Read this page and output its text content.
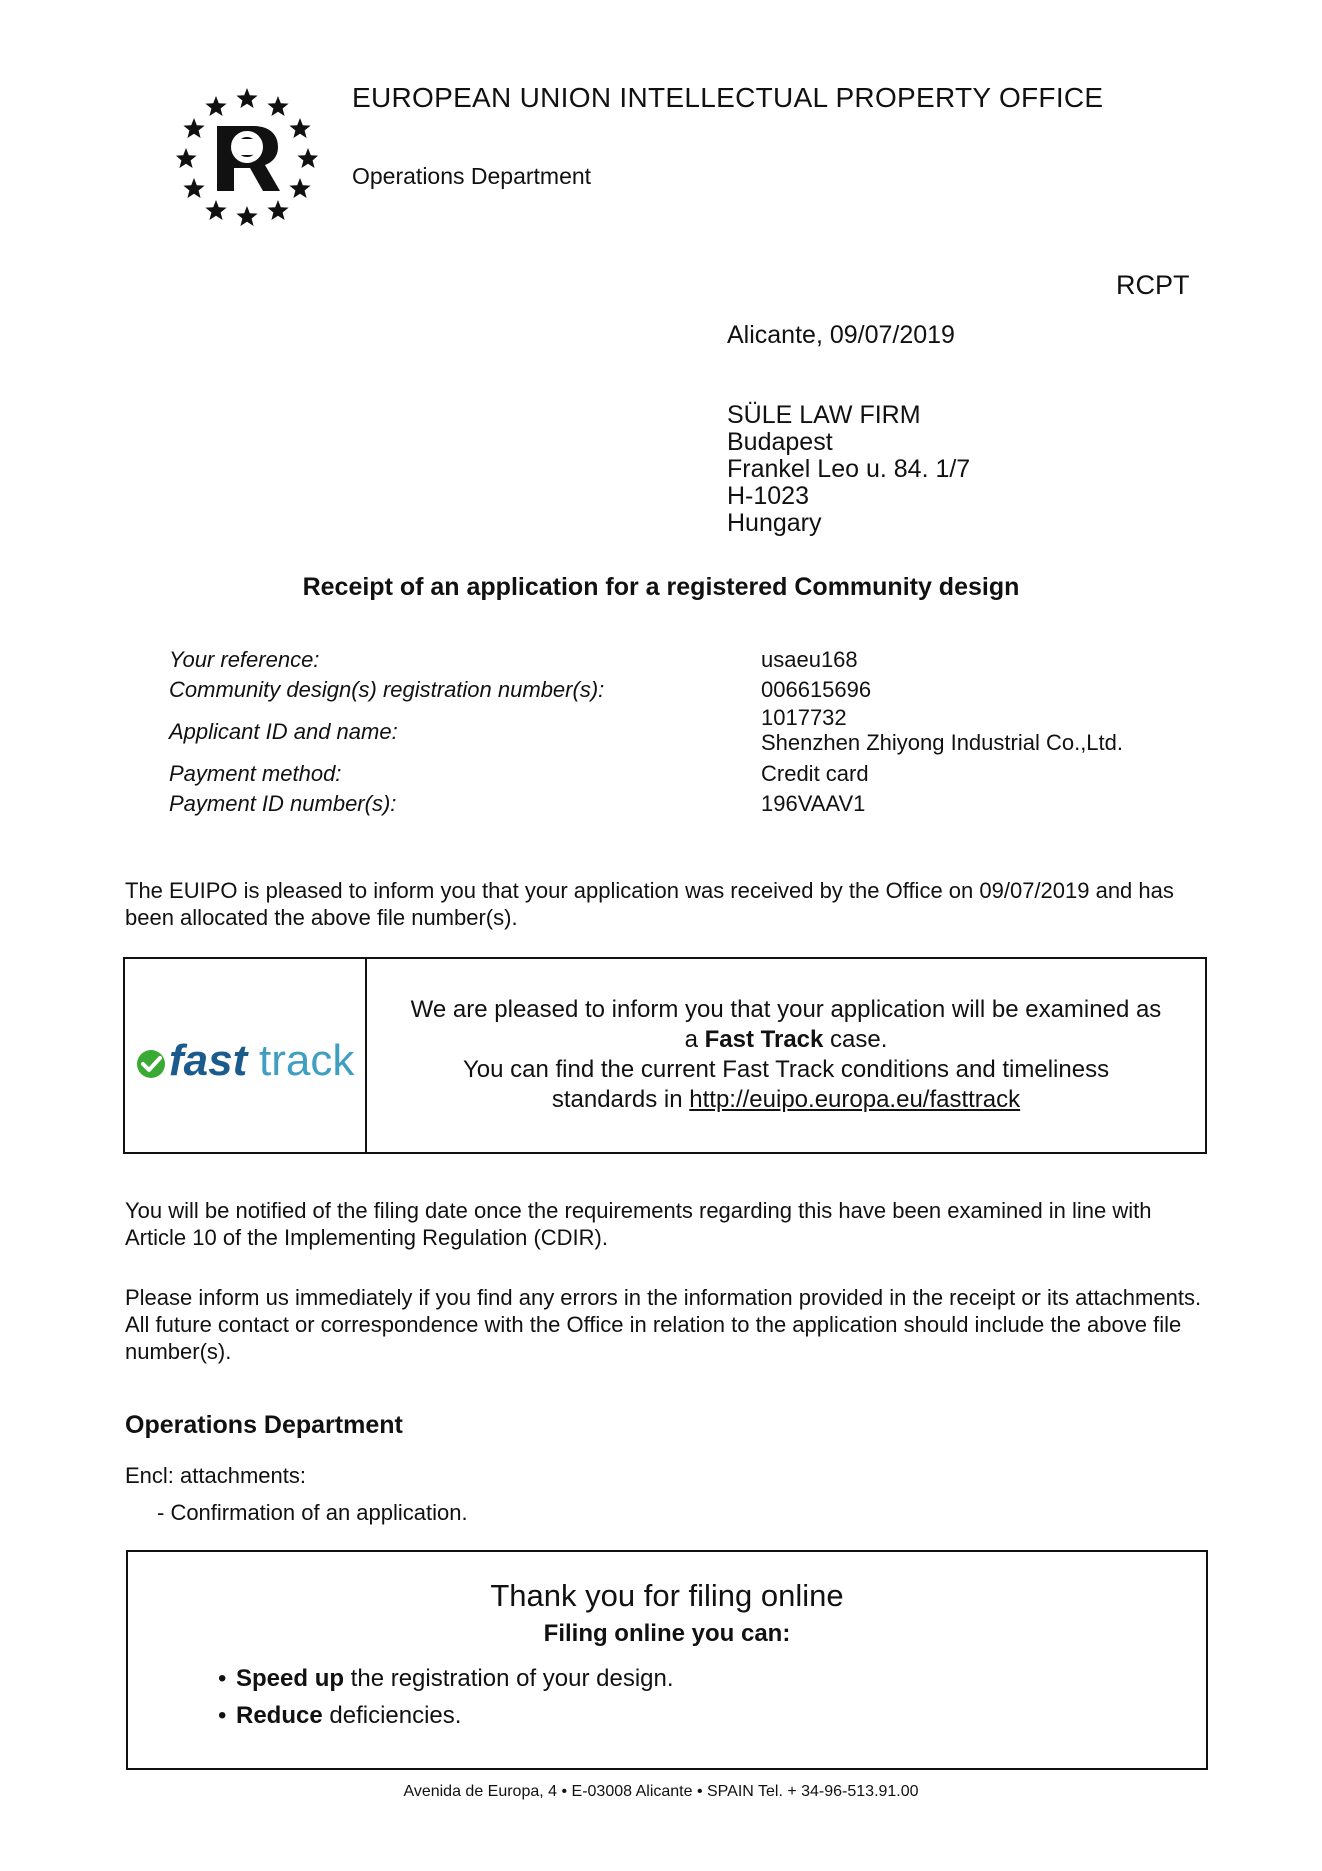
EUROPEAN UNION INTELLECTUAL PROPERTY OFFICE
Operations Department
RCPT
Alicante, 09/07/2019
SÜLE LAW FIRM
Budapest
Frankel Leo u. 84. 1/7
H-1023
Hungary
Receipt of an application for a registered Community design
Your reference:
Community design(s) registration number(s):
Applicant ID and name:
Payment method:
Payment ID number(s):
usaeu168
006615696
1017732
Shenzhen Zhiyong Industrial Co.,Ltd.
Credit card
196VAAV1
The EUIPO is pleased to inform you that your application was received by the Office on 09/07/2019 and has been allocated the above file number(s).
fast track
We are pleased to inform you that your application will be examined as
a Fast Track case.
You can find the current Fast Track conditions and timeliness
standards in http://euipo.europa.eu/fasttrack
You will be notified of the filing date once the requirements regarding this have been examined in line with Article 10 of the Implementing Regulation (CDIR).
Please inform us immediately if you find any errors in the information provided in the receipt or its attachments. All future contact or correspondence with the Office in relation to the application should include the above file number(s).
Operations Department
Encl: attachments:
- Confirmation of an application.
Thank you for filing online
Filing online you can:
• Speed up the registration of your design.
• Reduce deficiencies.
Avenida de Europa, 4 • E-03008 Alicante • SPAIN Tel. + 34-96-513.91.00
